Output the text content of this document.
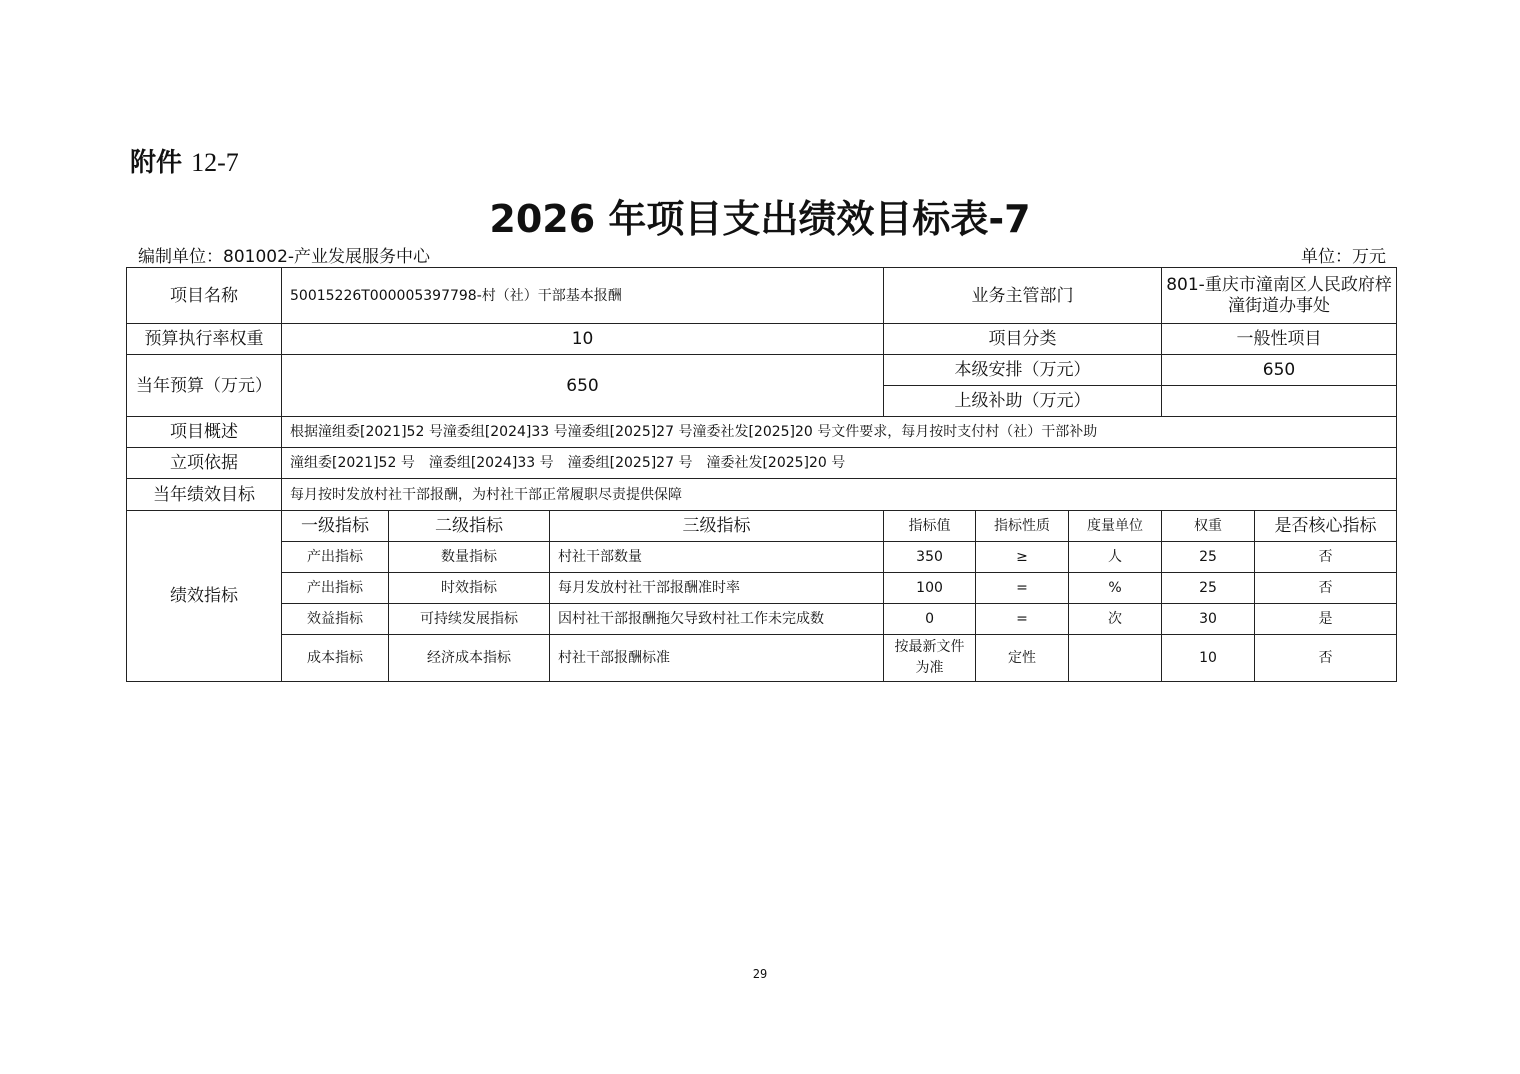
附件 12-7
2026 年项目支出绩效目标表-7
编制单位：801002-产业发展服务中心	单位：万元
项目名称	50015226T000005397798-村（社）干部基本报酬			业务主管部门			801-重庆市潼南区人民政府梓潼街道办事处	
预算执行率权重	10			项目分类			一般性项目	
当年预算（万元）	650			本级安排（万元）			650	
				上级补助（万元）				
项目概述	根据潼组委[2021]52 号潼委组[2024]33 号潼委组[2025]27 号潼委社发[2025]20 号文件要求，每月按时支付村（社）干部补助							
立项依据	潼组委[2021]52 号　潼委组[2024]33 号　潼委组[2025]27 号　潼委社发[2025]20 号							
当年绩效目标	每月按时发放村社干部报酬，为村社干部正常履职尽责提供保障							
绩效指标	一级指标	二级指标	三级指标	指标值	指标性质	度量单位	权重	是否核心指标
	产出指标	数量指标	村社干部数量	350	≥	人	25	否
	产出指标	时效指标	每月发放村社干部报酬准时率	100	=	%	25	否
	效益指标	可持续发展指标	因村社干部报酬拖欠导致村社工作未完成数	0	=	次	30	是
	成本指标	经济成本指标	村社干部报酬标准	按最新文件为准	定性		10	否
29
